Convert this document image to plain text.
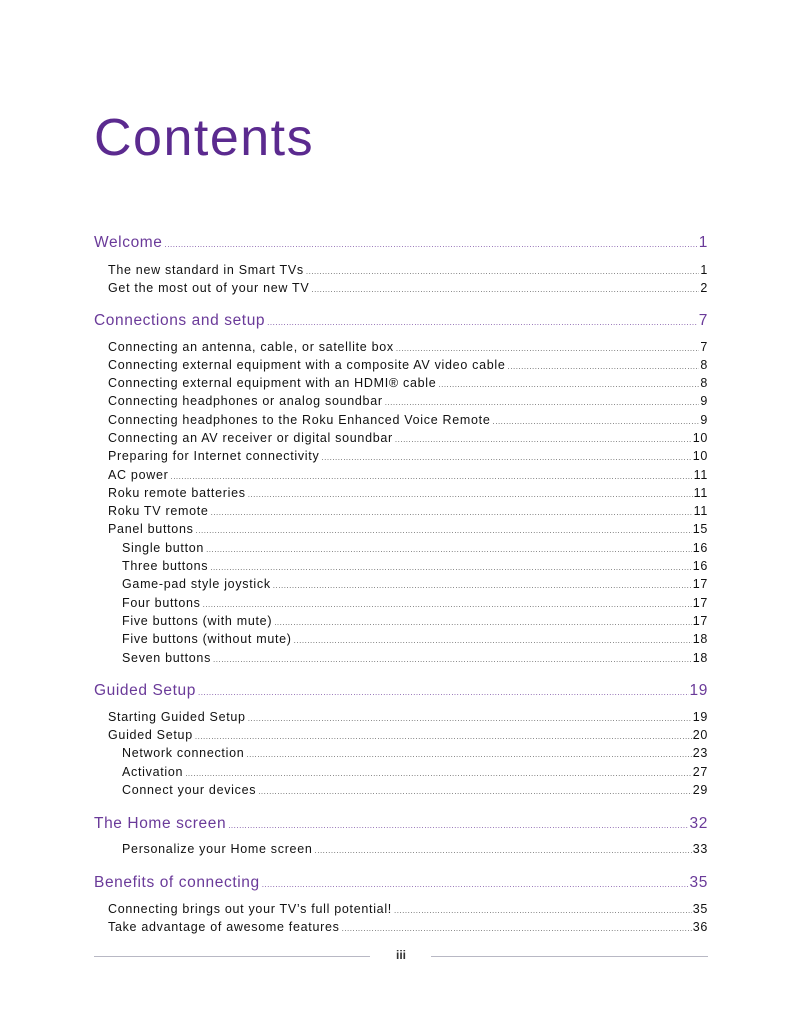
Contents
Welcome .....	1
The new standard in Smart TVs .....	1
Get the most out of your new TV .....	2
Connections and setup .....	7
Connecting an antenna, cable, or satellite box .....	7
Connecting external equipment with a composite AV video cable .....	8
Connecting external equipment with an HDMI® cable .....	8
Connecting headphones or analog soundbar .....	9
Connecting headphones to the Roku Enhanced Voice Remote .....	9
Connecting an AV receiver or digital soundbar .....	10
Preparing for Internet connectivity .....	10
AC power .....	11
Roku remote batteries .....	11
Roku TV remote .....	11
Panel buttons .....	15
Single button .....	16
Three buttons .....	16
Game-pad style joystick .....	17
Four buttons .....	17
Five buttons (with mute) .....	17
Five buttons (without mute) .....	18
Seven buttons .....	18
Guided Setup .....	19
Starting Guided Setup .....	19
Guided Setup .....	20
Network connection .....	23
Activation .....	27
Connect your devices .....	29
The Home screen .....	32
Personalize your Home screen .....	33
Benefits of connecting .....	35
Connecting brings out your TV’s full potential! .....	35
Take advantage of awesome features .....	36
iii
